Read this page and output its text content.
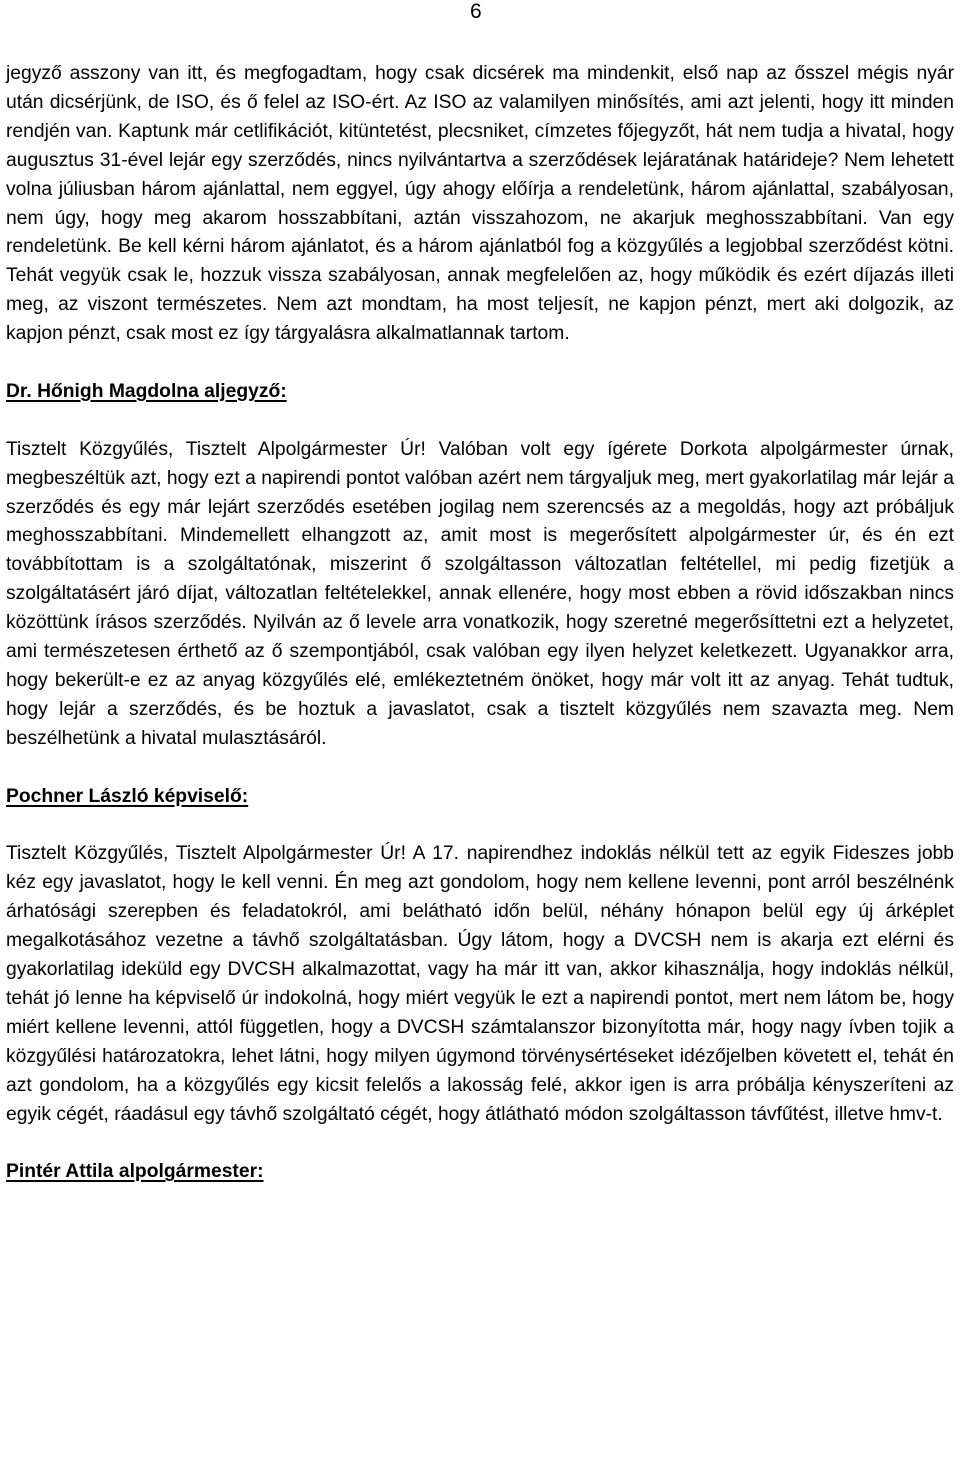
6

jegyző asszony van itt, és megfogadtam, hogy csak dicsérek ma mindenkit, első nap az ősszel mégis nyár után dicsérjünk, de ISO, és ő felel az ISO-ért. Az ISO az valamilyen minősítés, ami azt jelenti, hogy itt minden rendjén van. Kaptunk már cetlifikációt, kitüntetést, plecsniket, címzetes főjegyzőt, hát nem tudja a hivatal, hogy augusztus 31-ével lejár egy szerződés, nincs nyilvántartva a szerződések lejáratának határideje? Nem lehetett volna júliusban három ajánlattal, nem eggyel, úgy ahogy előírja a rendeletünk, három ajánlattal, szabályosan, nem úgy, hogy meg akarom hosszabbítani, aztán visszahozom, ne akarjuk meghosszabbítani. Van egy rendeletünk. Be kell kérni három ajánlatot, és a három ajánlatból fog a közgyűlés a legjobbal szerződést kötni. Tehát vegyük csak le, hozzuk vissza szabályosan, annak megfelelően az, hogy működik és ezért díjazás illeti meg, az viszont természetes. Nem azt mondtam, ha most teljesít, ne kapjon pénzt, mert aki dolgozik, az kapjon pénzt, csak most ez így tárgyalásra alkalmatlannak tartom.

Dr. Hőnigh Magdolna aljegyző:

Tisztelt Közgyűlés, Tisztelt Alpolgármester Úr! Valóban volt egy ígérete Dorkota alpolgármester úrnak, megbeszéltük azt, hogy ezt a napirendi pontot valóban azért nem tárgyaljuk meg, mert gyakorlatilag már lejár a szerződés és egy már lejárt szerződés esetében jogilag nem szerencsés az a megoldás, hogy azt próbáljuk meghosszabbítani. Mindemellett elhangzott az, amit most is megerősített alpolgármester úr, és én ezt továbbítottam is a szolgáltatónak, miszerint ő szolgáltasson változatlan feltétellel, mi pedig fizetjük a szolgáltatásért járó díjat, változatlan feltételekkel, annak ellenére, hogy most ebben a rövid időszakban nincs közöttünk írásos szerződés. Nyilván az ő levele arra vonatkozik, hogy szeretné megerősíttetni ezt a helyzetet, ami természetesen érthető az ő szempontjából, csak valóban egy ilyen helyzet keletkezett. Ugyanakkor arra, hogy bekerült-e ez az anyag közgyűlés elé, emlékeztetném önöket, hogy már volt itt az anyag. Tehát tudtuk, hogy lejár a szerződés, és be hoztuk a javaslatot, csak a tisztelt közgyűlés nem szavazta meg. Nem beszélhetünk a hivatal mulasztásáról.

Pochner László képviselő:

Tisztelt Közgyűlés, Tisztelt Alpolgármester Úr! A 17. napirendhez indoklás nélkül tett az egyik Fideszes jobb kéz egy javaslatot, hogy le kell venni. Én meg azt gondolom, hogy nem kellene levenni, pont arról beszélnénk árhatósági szerepben és feladatokról, ami belátható időn belül, néhány hónapon belül egy új árképlet megalkotásához vezetne a távhő szolgáltatásban. Úgy látom, hogy a DVCSH nem is akarja ezt elérni és gyakorlatilag ideküld egy DVCSH alkalmazottat, vagy ha már itt van, akkor kihasználja, hogy indoklás nélkül, tehát jó lenne ha képviselő úr indokolná, hogy miért vegyük le ezt a napirendi pontot, mert nem látom be, hogy miért kellene levenni, attól független, hogy a DVCSH számtalanszor bizonyította már, hogy nagy ívben tojik a közgyűlési határozatokra, lehet látni, hogy milyen úgymond törvénysértéseket idézőjelben követett el, tehát én azt gondolom, ha a közgyűlés egy kicsit felelős a lakosság felé, akkor igen is arra próbálja kényszeríteni az egyik cégét, ráadásul egy távhő szolgáltató cégét, hogy átlátható módon szolgáltasson távfűtést, illetve hmv-t.

Pintér Attila alpolgármester:
